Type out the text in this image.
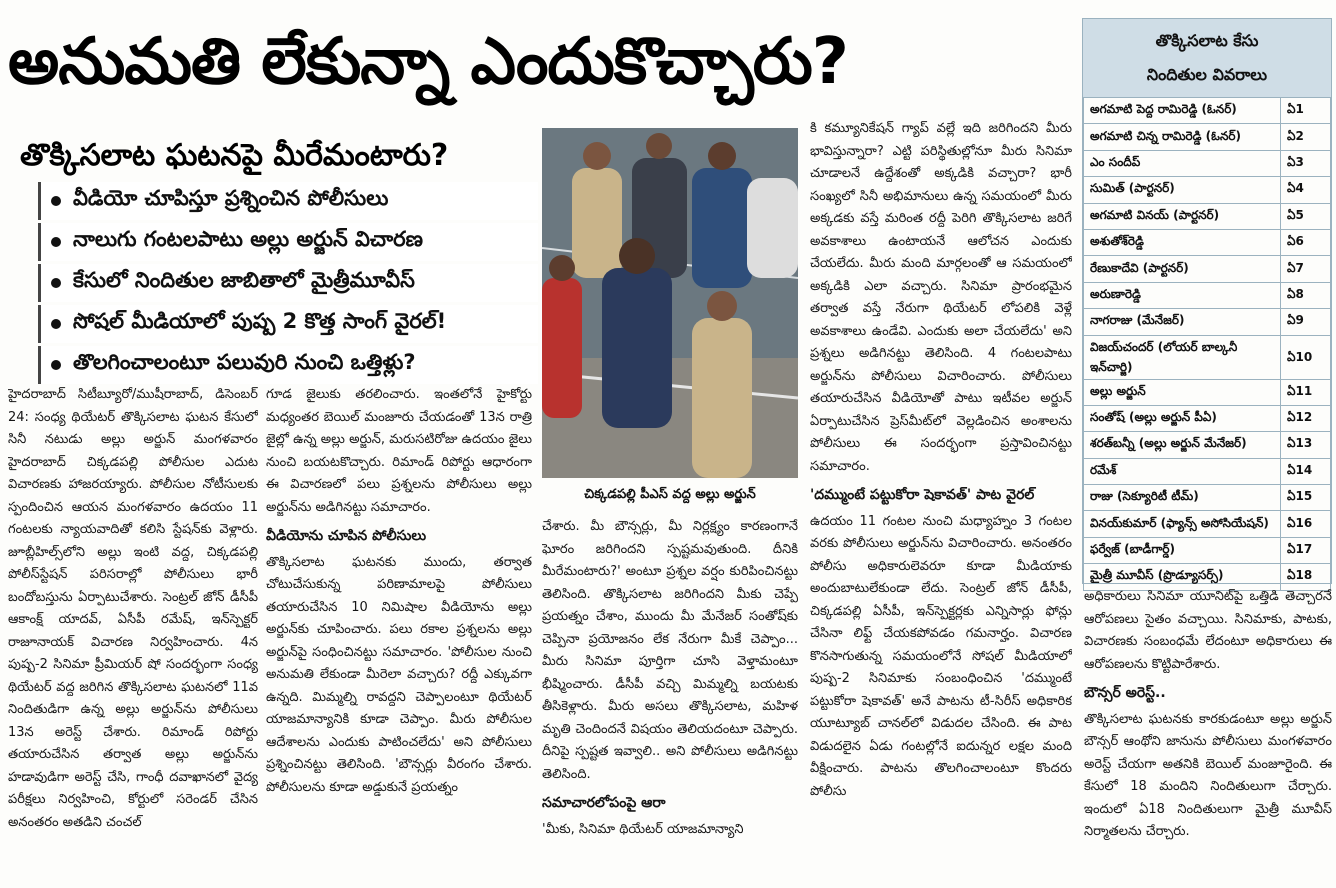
అనుమతి లేకున్నా ఎందుకొచ్చారు?
తొక్కిసలాట ఘటనపై మీరేమంటారు?
వీడియో చూపిస్తూ ప్రశ్నించిన పోలీసులు
నాలుగు గంటలపాటు అల్లు అర్జున్ విచారణ
కేసులో నిందితుల జాబితాలో మైత్రీమూవీస్
సోషల్ మీడియాలో పుష్ప 2 కొత్త సాంగ్ వైరల్!
తొలగించాలంటూ పలువురి నుంచి ఒత్తిళ్లు?

హైదరాబాద్ సిటీబ్యూరో/ముషీరాబాద్, డిసెంబర్ 24: సంధ్య థియేటర్ తొక్కిసలాట ఘటన కేసులో సినీ నటుడు అల్లు అర్జున్ మంగళవారం హైదరాబాద్ చిక్కడపల్లి పోలీసుల ఎదుట విచారణకు హాజరయ్యారు. పోలీసుల నోటీసులకు స్పందించిన ఆయన మంగళవారం ఉదయం 11 గంటలకు న్యాయవాదితో కలిసి స్టేషన్‌కు వెళ్లారు. జూబ్లీహిల్స్‌లోని అల్లు ఇంటి వద్ద, చిక్కడపల్లి పోలీస్‌స్టేషన్ పరిసరాల్లో పోలీసులు భారీ బందోబస్తును ఏర్పాటుచేశారు. సెంట్రల్ జోన్ డీసీపీ ఆకాంక్ష్ యాదవ్, ఏసీపీ రమేష్, ఇన్‌స్పెక్టర్ రాజూనాయక్ విచారణ నిర్వహించారు. 4న పుష్ప-2 సినిమా ప్రీమియర్ షో సందర్భంగా సంధ్య థియేటర్ వద్ద జరిగిన తొక్కిసలాట ఘటనలో 11వ నిందితుడిగా ఉన్న అల్లు అర్జున్‌ను పోలీసులు 13న అరెస్ట్ చేశారు. రిమాండ్ రిపోర్టు తయారుచేసిన తర్వాత అల్లు అర్జున్‌ను హడావుడిగా అరెస్ట్ చేసి, గాంధీ దవాఖానలో వైద్య పరీక్షలు నిర్వహించి, కోర్టులో సరెండర్ చేసిన అనంతరం అతడిని చంచల్

గూడ జైలుకు తరలించారు. ఇంతలోనే హైకోర్టు మధ్యంతర బెయిల్ మంజూరు చేయడంతో 13న రాత్రి జైల్లో ఉన్న అల్లు అర్జున్, మరుసటిరోజు ఉదయం జైలు నుంచి బయటకొచ్చారు. రిమాండ్ రిపోర్టు ఆధారంగా ఈ విచారణలో పలు ప్రశ్నలను పోలీసులు అల్లు అర్జున్‌ను అడిగినట్టు సమాచారం.

వీడియోను చూపిన పోలీసులు

తొక్కిసలాట ఘటనకు ముందు, తర్వాత చోటుచేసుకున్న పరిణామాలపై పోలీసులు తయారుచేసిన 10 నిమిషాల వీడియోను అల్లు అర్జున్‌కు చూపించారు. పలు రకాల ప్రశ్నలను అల్లు అర్జున్‌పై సంధించినట్టు సమాచారం. 'పోలీసుల నుంచి అనుమతి లేకుండా మీరెలా వచ్చారు? రద్దీ ఎక్కువగా ఉన్నది. మిమ్మల్ని రావద్దని చెప్పాలంటూ థియేటర్ యాజమాన్యానికి కూడా చెప్పాం. మీరు పోలీసుల ఆదేశాలను ఎందుకు పాటించలేదు' అని పోలీసులు ప్రశ్నించినట్టు తెలిసింది. 'బౌన్సర్లు వీరంగం చేశారు. పోలీసులను కూడా అడ్డుకునే ప్రయత్నం

చిక్కడపల్లి పీఎస్ వద్ద అల్లు అర్జున్

చేశారు. మీ బౌన్సర్లు, మీ నిర్లక్ష్యం కారణంగానే ఘోరం జరిగిందని స్పష్టమవుతుంది. దీనికి మీరేమంటారు?' అంటూ ప్రశ్నల వర్షం కురిపించినట్టు తెలిసింది. తొక్కిసలాట జరిగిందని మీకు చెప్పే ప్రయత్నం చేశాం, ముందు మీ మేనేజర్ సంతోష్‌కు చెప్పినా ప్రయోజనం లేక నేరుగా మీకే చెప్పాం... మీరు సినిమా పూర్తిగా చూసి వెళ్తామంటూ భీష్మించారు. డీసీపీ వచ్చి మిమ్మల్ని బయటకు తీసికెళ్లారు. మీరు అసలు తొక్కిసలాట, మహిళ మృతి చెందిందనే విషయం తెలియదంటూ చెప్పారు. దీనిపై స్పష్టత ఇవ్వాలి.. అని పోలీసులు అడిగినట్టు తెలిసింది.

సమాచారలోపంపై ఆరా

'మీకు, సినిమా థియేటర్ యాజమాన్యాని

కి కమ్యూనికేషన్ గ్యాప్ వల్లే ఇది జరిగిందని మీరు భావిస్తున్నారా? ఎట్టి పరిస్థితుల్లోనూ మీరు సినిమా చూడాలనే ఉద్దేశంతో అక్కడికి వచ్చారా? భారీ సంఖ్యలో సినీ అభిమానులు ఉన్న సమయంలో మీరు అక్కడకు వస్తే మరింత రద్దీ పెరిగి తొక్కిసలాట జరిగే అవకాశాలు ఉంటాయనే ఆలోచన ఎందుకు చేయలేదు. మీరు మంది మార్గలంతో ఆ సమయంలో అక్కడికి ఎలా వచ్చారు. సినిమా ప్రారంభమైన తర్వాత వస్తే నేరుగా థియేటర్ లోపలికి వెళ్లే అవకాశాలు ఉండేవి. ఎందుకు అలా చేయలేదు' అని ప్రశ్నలు అడిగినట్టు తెలిసింది. 4 గంటలపాటు అర్జున్‌ను పోలీసులు విచారించారు. పోలీసులు తయారుచేసిన వీడియోతో పాటు ఇటీవల అర్జున్ ఏర్పాటుచేసిన ప్రెస్‌మీట్‌లో వెల్లడించిన అంశాలను పోలీసులు ఈ సందర్భంగా ప్రస్తావించినట్టు సమాచారం.

'దమ్ముంటే పట్టుకోరా షెకావత్' పాట వైరల్

ఉదయం 11 గంటల నుంచి మధ్యాహ్నం 3 గంటల వరకు పోలీసులు అర్జున్‌ను విచారించారు. అనంతరం పోలీసు అధికారులెవరూ కూడా మీడియాకు అందుబాటులేకుండా లేదు. సెంట్రల్ జోన్ డీసీపీ, చిక్కడపల్లి ఏసీపీ, ఇన్‌స్పెక్టర్లకు ఎన్నిసార్లు ఫోన్లు చేసినా లిఫ్ట్ చేయకపోవడం గమనార్హం. విచారణ కొనసాగుతున్న సమయంలోనే సోషల్ మీడియాలో పుష్ప-2 సినిమాకు సంబంధించిన 'దమ్ముంటే పట్టుకోరా షెకావత్' అనే పాటను టీ-సిరీస్ అధికారిక యూట్యూబ్ చానల్‌లో విడుదల చేసింది. ఈ పాట విడుదలైన ఏడు గంటల్లోనే ఐదున్నర లక్షల మంది వీక్షించారు. పాటను తొలగించాలంటూ కొందరు పోలీసు

తొక్కిసలాట కేసు
నిందితుల వివరాలు
అగమాటి పెద్ద రామిరెడ్డి (ఓనర్)	ఏ1
అగమాటి చిన్న రామిరెడ్డి (ఓనర్)	ఏ2
ఎం సందీప్	ఏ3
సుమిత్ (పార్టనర్)	ఏ4
అగమాటి వినయ్ (పార్టనర్)	ఏ5
అశుతోశ్‌రెడ్డి	ఏ6
రేణుకాదేవి (పార్టనర్)	ఏ7
అరుణారెడ్డి	ఏ8
నాగరాజు (మేనేజర్)	ఏ9
విజయ్‌చందర్ (లోయర్ బాల్కనీ ఇన్‌చార్జి)	ఏ10
అల్లు అర్జున్	ఏ11
సంతోష్ (అల్లు అర్జున్ పీఏ)	ఏ12
శరత్‌బన్నీ (అల్లు అర్జున్ మేనేజర్)	ఏ13
రమేశ్	ఏ14
రాజు (సెక్యూరిటీ టీమ్)	ఏ15
వినయ్‌కుమార్ (ఫ్యాన్స్ అసోసియేషన్)	ఏ16
ఫర్వేజ్ (బాడీగార్డ్)	ఏ17
మైత్రీ మూవీస్ (ప్రొడ్యూసర్స్)	ఏ18

అధికారులు సినిమా యూనిట్‌పై ఒత్తిడి తెచ్చారనే ఆరోపణలు సైతం వచ్చాయి. సినిమాకు, పాటకు, విచారణకు సంబంధమే లేదంటూ అధికారులు ఈ ఆరోపణలను కొట్టిపారేశారు.

బౌన్సర్ అరెస్ట్..

తొక్కిసలాట ఘటనకు కారకుడంటూ అల్లు అర్జున్ బౌన్సర్ ఆంథోని జానును పోలీసులు మంగళవారం అరెస్ట్ చేయగా అతనికి బెయిల్ మంజూరైంది. ఈ కేసులో 18 మందిని నిందితులుగా చేర్చారు. ఇందులో ఏ18 నిందితులుగా మైత్రీ మూవీస్ నిర్మాతలను చేర్చారు.
